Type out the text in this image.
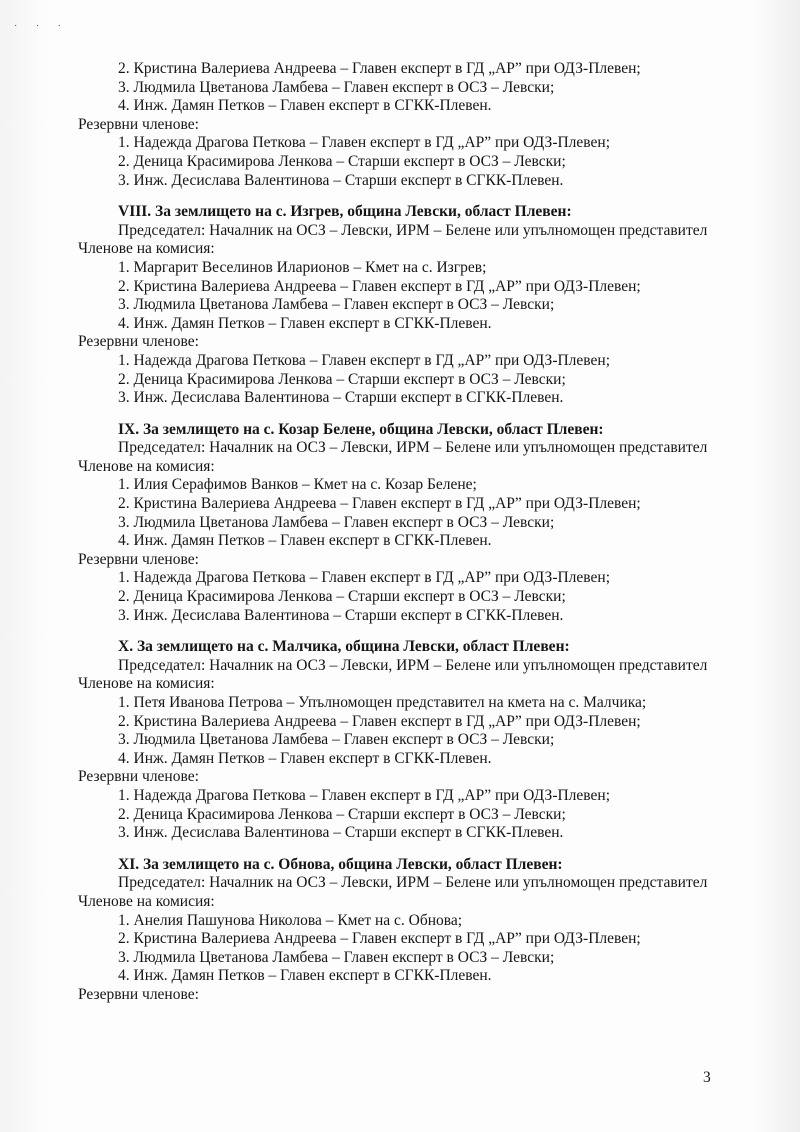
˙ ˙ ˙
2. Кристина Валериева Андреева – Главен експерт в ГД „АР” при ОДЗ-Плевен;
3. Людмила Цветанова Ламбева – Главен експерт в ОСЗ – Левски;
4. Инж. Дамян Петков – Главен експерт в СГКК-Плевен.
Резервни членове:
1. Надежда Драгова Петкова – Главен експерт в ГД „АР” при ОДЗ-Плевен;
2. Деница Красимирова Ленкова – Старши експерт в ОСЗ – Левски;
3. Инж. Десислава Валентинова – Старши експерт в СГКК-Плевен.
VIII. За землището на с. Изгрев, община Левски, област Плевен:
Председател: Началник на ОСЗ – Левски, ИРМ – Белене или упълномощен представител
Членове на комисия:
1. Маргарит Веселинов Иларионов – Кмет на с. Изгрев;
2. Кристина Валериева Андреева – Главен експерт в ГД „АР” при ОДЗ-Плевен;
3. Людмила Цветанова Ламбева – Главен експерт в ОСЗ – Левски;
4. Инж. Дамян Петков – Главен експерт в СГКК-Плевен.
Резервни членове:
1. Надежда Драгова Петкова – Главен експерт в ГД „АР” при ОДЗ-Плевен;
2. Деница Красимирова Ленкова – Старши експерт в ОСЗ – Левски;
3. Инж. Десислава Валентинова – Старши експерт в СГКК-Плевен.
IX. За землището на с. Козар Белене, община Левски, област Плевен:
Председател: Началник на ОСЗ – Левски, ИРМ – Белене или упълномощен представител
Членове на комисия:
1. Илия Серафимов Ванков – Кмет на с. Козар Белене;
2. Кристина Валериева Андреева – Главен експерт в ГД „АР” при ОДЗ-Плевен;
3. Людмила Цветанова Ламбева – Главен експерт в ОСЗ – Левски;
4. Инж. Дамян Петков – Главен експерт в СГКК-Плевен.
Резервни членове:
1. Надежда Драгова Петкова – Главен експерт в ГД „АР” при ОДЗ-Плевен;
2. Деница Красимирова Ленкова – Старши експерт в ОСЗ – Левски;
3. Инж. Десислава Валентинова – Старши експерт в СГКК-Плевен.
X. За землището на с. Малчика, община Левски, област Плевен:
Председател: Началник на ОСЗ – Левски, ИРМ – Белене или упълномощен представител
Членове на комисия:
1. Петя Иванова Петрова – Упълномощен представител на кмета на с. Малчика;
2. Кристина Валериева Андреева – Главен експерт в ГД „АР” при ОДЗ-Плевен;
3. Людмила Цветанова Ламбева – Главен експерт в ОСЗ – Левски;
4. Инж. Дамян Петков – Главен експерт в СГКК-Плевен.
Резервни членове:
1. Надежда Драгова Петкова – Главен експерт в ГД „АР” при ОДЗ-Плевен;
2. Деница Красимирова Ленкова – Старши експерт в ОСЗ – Левски;
3. Инж. Десислава Валентинова – Старши експерт в СГКК-Плевен.
XI. За землището на с. Обнова, община Левски, област Плевен:
Председател: Началник на ОСЗ – Левски, ИРМ – Белене или упълномощен представител
Членове на комисия:
1. Анелия Пашунова Николова – Кмет на с. Обнова;
2. Кристина Валериева Андреева – Главен експерт в ГД „АР” при ОДЗ-Плевен;
3. Людмила Цветанова Ламбева – Главен експерт в ОСЗ – Левски;
4. Инж. Дамян Петков – Главен експерт в СГКК-Плевен.
Резервни членове:
3
